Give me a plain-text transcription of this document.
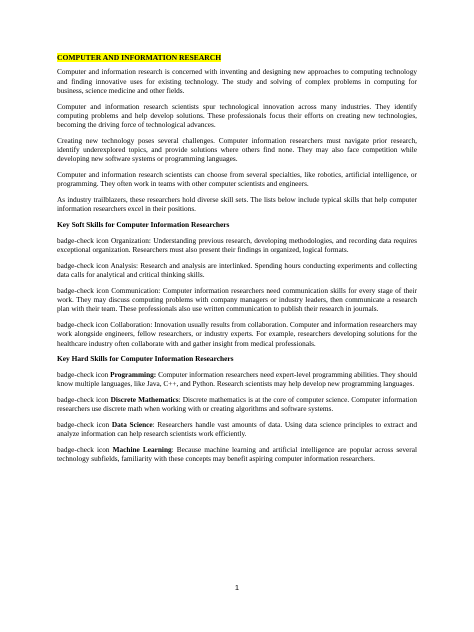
COMPUTER AND INFORMATION RESEARCH

Computer and information research is concerned with inventing and designing new approaches to computing technology and finding innovative uses for existing technology. The study and solving of complex problems in computing for business, science medicine and other fields.

Computer and information research scientists spur technological innovation across many industries. They identify computing problems and help develop solutions. These professionals focus their efforts on creating new technologies, becoming the driving force of technological advances.

Creating new technology poses several challenges. Computer information researchers must navigate prior research, identify underexplored topics, and provide solutions where others find none. They may also face competition while developing new software systems or programming languages.

Computer and information research scientists can choose from several specialties, like robotics, artificial intelligence, or programming. They often work in teams with other computer scientists and engineers.

As industry trailblazers, these researchers hold diverse skill sets. The lists below include typical skills that help computer information researchers excel in their positions.

Key Soft Skills for Computer Information Researchers

badge-check icon Organization: Understanding previous research, developing methodologies, and recording data requires exceptional organization. Researchers must also present their findings in organized, logical formats.

badge-check icon Analysis: Research and analysis are interlinked. Spending hours conducting experiments and collecting data calls for analytical and critical thinking skills.

badge-check icon Communication: Computer information researchers need communication skills for every stage of their work. They may discuss computing problems with company managers or industry leaders, then communicate a research plan with their team. These professionals also use written communication to publish their research in journals.

badge-check icon Collaboration: Innovation usually results from collaboration. Computer and information researchers may work alongside engineers, fellow researchers, or industry experts. For example, researchers developing solutions for the healthcare industry often collaborate with and gather insight from medical professionals.

Key Hard Skills for Computer Information Researchers

badge-check icon Programming: Computer information researchers need expert-level programming abilities. They should know multiple languages, like Java, C++, and Python. Research scientists may help develop new programming languages.

badge-check icon Discrete Mathematics: Discrete mathematics is at the core of computer science. Computer information researchers use discrete math when working with or creating algorithms and software systems.

badge-check icon Data Science: Researchers handle vast amounts of data. Using data science principles to extract and analyze information can help research scientists work efficiently.

badge-check icon Machine Learning: Because machine learning and artificial intelligence are popular across several technology subfields, familiarity with these concepts may benefit aspiring computer information researchers.

1
